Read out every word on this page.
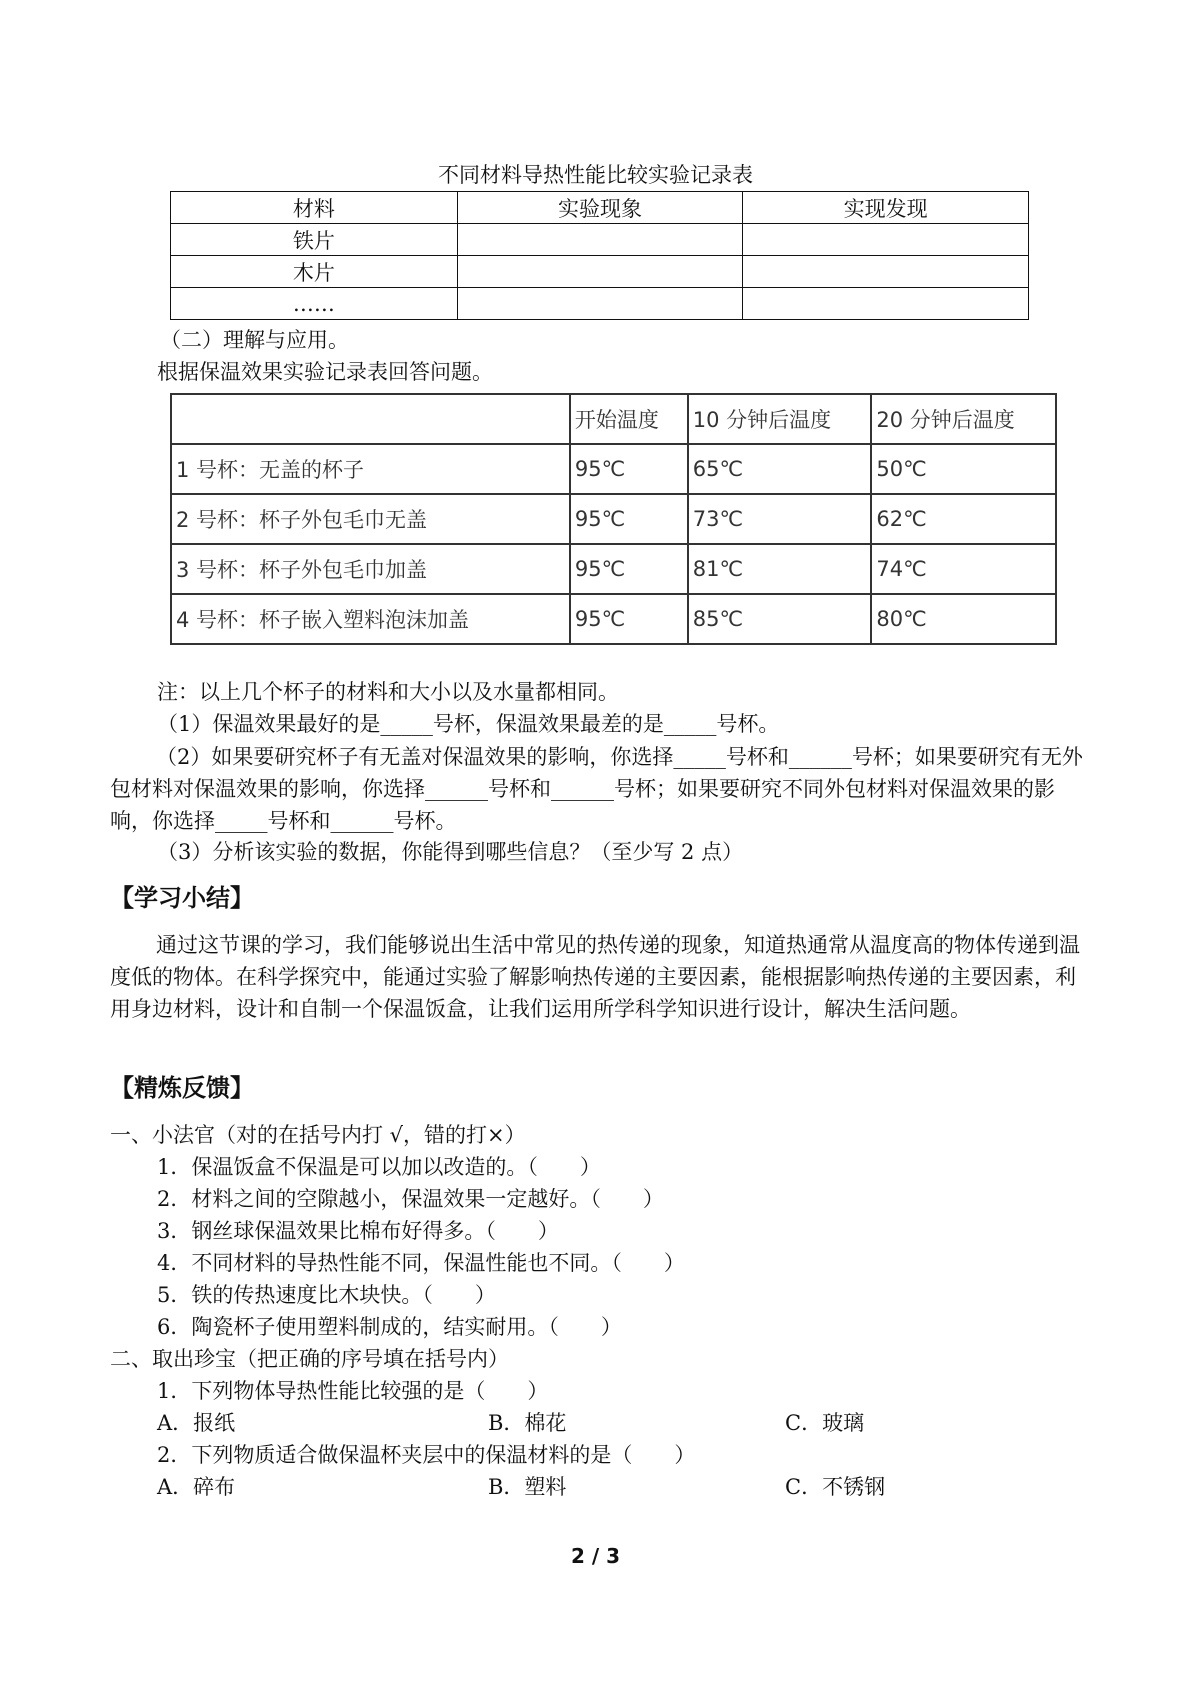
不同材料导热性能比较实验记录表
材料	实验现象	实现发现
铁片		
木片		
……		
（二）理解与应用。
根据保温效果实验记录表回答问题。
	开始温度	10 分钟后温度	20 分钟后温度
1 号杯：无盖的杯子	95℃	65℃	50℃
2 号杯：杯子外包毛巾无盖	95℃	73℃	62℃
3 号杯：杯子外包毛巾加盖	95℃	81℃	74℃
4 号杯：杯子嵌入塑料泡沫加盖	95℃	85℃	80℃
注：以上几个杯子的材料和大小以及水量都相同。
（1）保温效果最好的是_____号杯，保温效果最差的是_____号杯。
（2）如果要研究杯子有无盖对保温效果的影响，你选择_____号杯和______号杯；如果要研究有无外包材料对保温效果的影响，你选择______号杯和______号杯；如果要研究不同外包材料对保温效果的影响，你选择_____号杯和______号杯。
（3）分析该实验的数据，你能得到哪些信息？（至少写 2 点）
【学习小结】
通过这节课的学习，我们能够说出生活中常见的热传递的现象，知道热通常从温度高的物体传递到温度低的物体。在科学探究中，能通过实验了解影响热传递的主要因素，能根据影响热传递的主要因素，利用身边材料，设计和自制一个保温饭盒，让我们运用所学科学知识进行设计，解决生活问题。
【精炼反馈】
一、小法官（对的在括号内打 √，错的打×）
1．保温饭盒不保温是可以加以改造的。（　　）
2．材料之间的空隙越小，保温效果一定越好。（　　）
3．钢丝球保温效果比棉布好得多。（　　）
4．不同材料的导热性能不同，保温性能也不同。（　　）
5．铁的传热速度比木块快。（　　）
6．陶瓷杯子使用塑料制成的，结实耐用。（　　）
二、取出珍宝（把正确的序号填在括号内）
1．下列物体导热性能比较强的是（　　）
A．报纸	B．棉花	C．玻璃
2．下列物质适合做保温杯夹层中的保温材料的是（　　）
A．碎布	B．塑料	C．不锈钢
2 / 3
